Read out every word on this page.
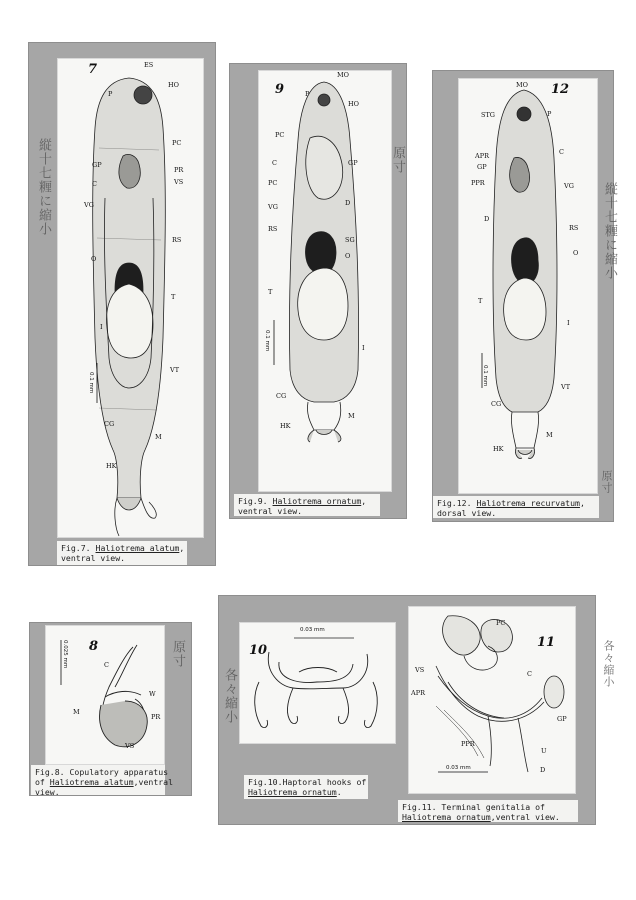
7	ES
HO
P
PC
GP
PR
VS
C
VG
RS
O
T
I
VT
CG
M
HK
0.1 mm
Fig.7. Haliotrema alatum,
ventral view.
9
MO
P
HO
PC
GP
C
PC
VG	D
RS
SG
O
T
I
CG
M
HK
0.1 mm
Fig.9. Haliotrema ornatum,
ventral view.
12
MO
STG	P
APR	C
GP
PPR	VG
D
RS
O
T
I
VT
CG
M
HK
0.1 mm
Fig.12. Haliotrema recurvatum,
dorsal view.
8
C
W
M
PR
VS
0.025 mm
Fig.8. Copulatory apparatus
of Haliotrema alatum,ventral
view.
10
0.03 mm
Fig.10.Haptoral hooks of
Haliotrema ornatum.
11
PC
VS	C
APR
GP
PPR
U
D
0.03 mm
Fig.11. Terminal genitalia of
Haliotrema ornatum,ventral view.
縦十七糎に縮小	原寸
縦十七糎に縮小
原寸
各々縮小
原寸
各々縮小
